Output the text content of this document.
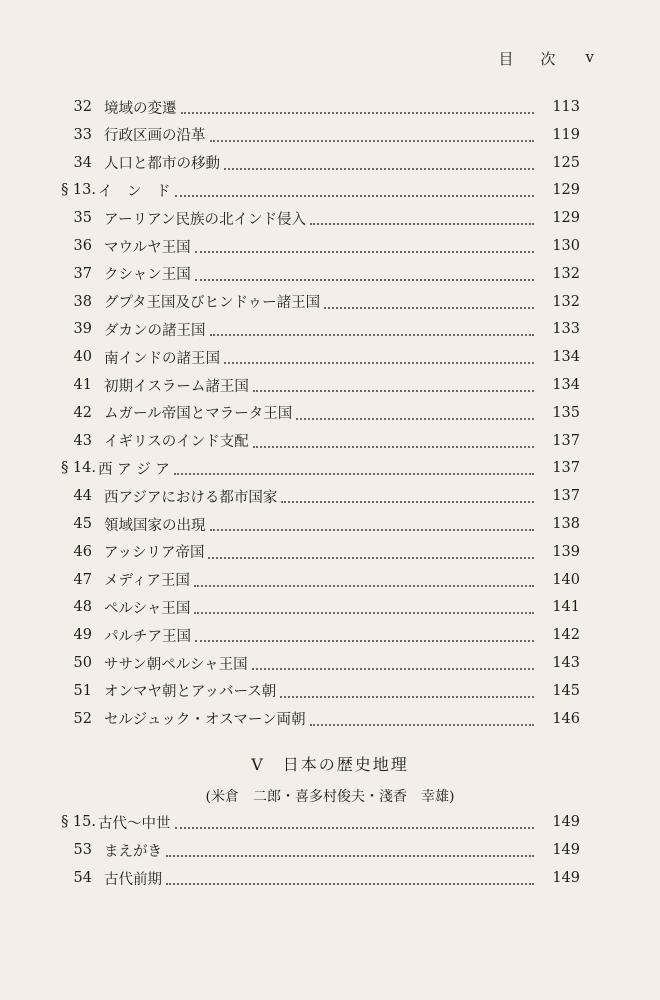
目　次 v
32 境域の変遷	113
33 行政区画の沿革	119
34 人口と都市の移動	125
§ 13. イ　ン　ド	129
35 アーリアン民族の北インド侵入	129
36 マウルヤ王国	130
37 クシャン王国	132
38 グプタ王国及びヒンドゥー諸王国	132
39 ダカンの諸王国	133
40 南インドの諸王国	134
41 初期イスラーム諸王国	134
42 ムガール帝国とマラータ王国	135
43 イギリスのインド支配	137
§ 14. 西 ア ジ ア	137
44 西アジアにおける都市国家	137
45 領域国家の出現	138
46 アッシリア帝国	139
47 メディア王国	140
48 ペルシャ王国	141
49 パルチア王国	142
50 ササン朝ペルシャ王国	143
51 オンマヤ朝とアッバース朝	145
52 セルジュック・オスマーン両朝	146
V　日本の歴史地理
(米倉　二郎・喜多村俊夫・淺香　幸雄)
§ 15. 古代〜中世	149
53 まえがき	149
54 古代前期	149
